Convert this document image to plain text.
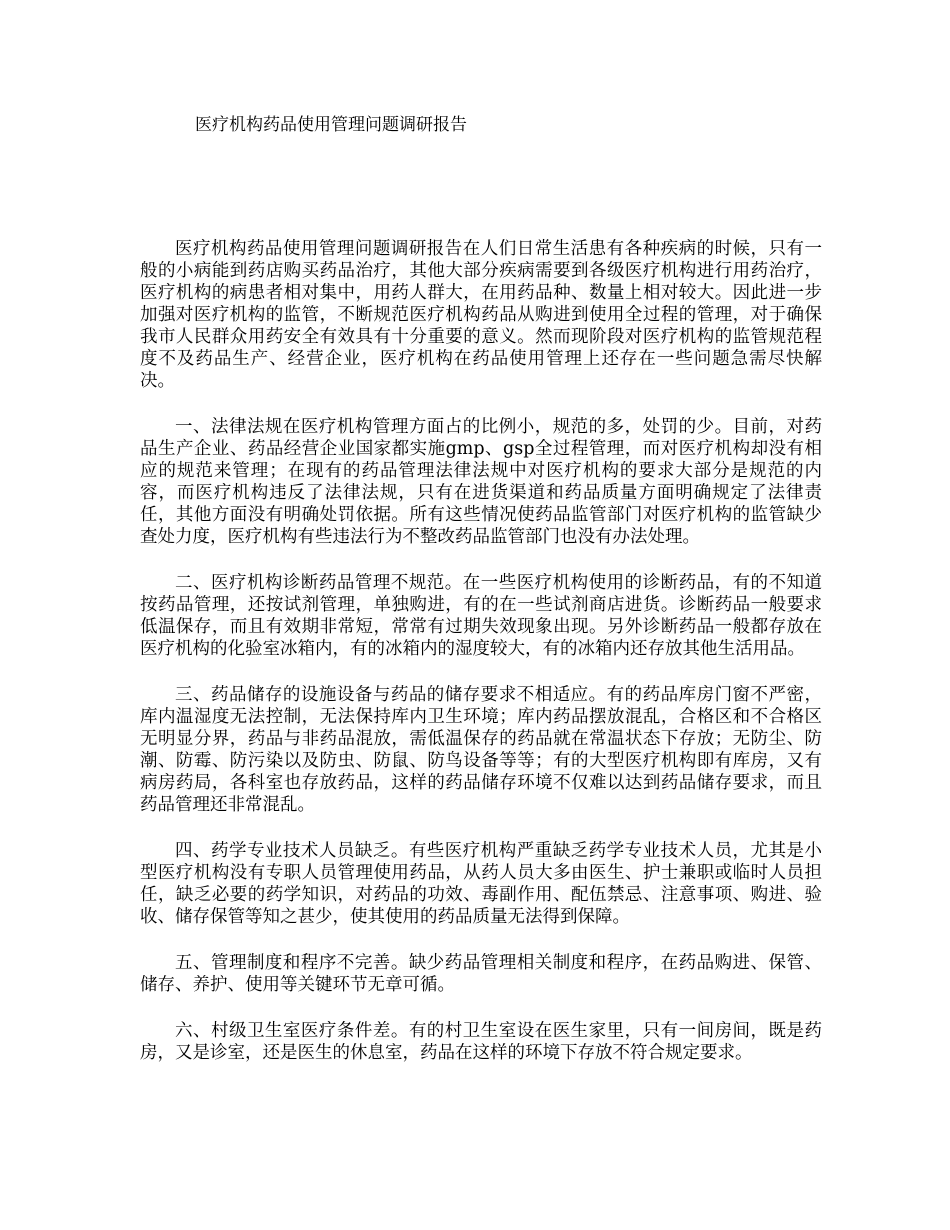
医疗机构药品使用管理问题调研报告

医疗机构药品使用管理问题调研报告在人们日常生活患有各种疾病的时候，只有一般的小病能到药店购买药品治疗，其他大部分疾病需要到各级医疗机构进行用药治疗，医疗机构的病患者相对集中，用药人群大，在用药品种、数量上相对较大。因此进一步加强对医疗机构的监管，不断规范医疗机构药品从购进到使用全过程的管理，对于确保我市人民群众用药安全有效具有十分重要的意义。然而现阶段对医疗机构的监管规范程度不及药品生产、经营企业，医疗机构在药品使用管理上还存在一些问题急需尽快解决。

一、法律法规在医疗机构管理方面占的比例小，规范的多，处罚的少。目前，对药品生产企业、药品经营企业国家都实施gmp、gsp全过程管理，而对医疗机构却没有相应的规范来管理；在现有的药品管理法律法规中对医疗机构的要求大部分是规范的内容，而医疗机构违反了法律法规，只有在进货渠道和药品质量方面明确规定了法律责任，其他方面没有明确处罚依据。所有这些情况使药品监管部门对医疗机构的监管缺少查处力度，医疗机构有些违法行为不整改药品监管部门也没有办法处理。

二、医疗机构诊断药品管理不规范。在一些医疗机构使用的诊断药品，有的不知道按药品管理，还按试剂管理，单独购进，有的在一些试剂商店进货。诊断药品一般要求低温保存，而且有效期非常短，常常有过期失效现象出现。另外诊断药品一般都存放在医疗机构的化验室冰箱内，有的冰箱内的湿度较大，有的冰箱内还存放其他生活用品。

三、药品储存的设施设备与药品的储存要求不相适应。有的药品库房门窗不严密，库内温湿度无法控制，无法保持库内卫生环境；库内药品摆放混乱，合格区和不合格区无明显分界，药品与非药品混放，需低温保存的药品就在常温状态下存放；无防尘、防潮、防霉、防污染以及防虫、防鼠、防鸟设备等等；有的大型医疗机构即有库房，又有病房药局，各科室也存放药品，这样的药品储存环境不仅难以达到药品储存要求，而且药品管理还非常混乱。

四、药学专业技术人员缺乏。有些医疗机构严重缺乏药学专业技术人员，尤其是小型医疗机构没有专职人员管理使用药品，从药人员大多由医生、护士兼职或临时人员担任，缺乏必要的药学知识，对药品的功效、毒副作用、配伍禁忌、注意事项、购进、验收、储存保管等知之甚少，使其使用的药品质量无法得到保障。

五、管理制度和程序不完善。缺少药品管理相关制度和程序，在药品购进、保管、储存、养护、使用等关键环节无章可循。

六、村级卫生室医疗条件差。有的村卫生室设在医生家里，只有一间房间，既是药房，又是诊室，还是医生的休息室，药品在这样的环境下存放不符合规定要求。
